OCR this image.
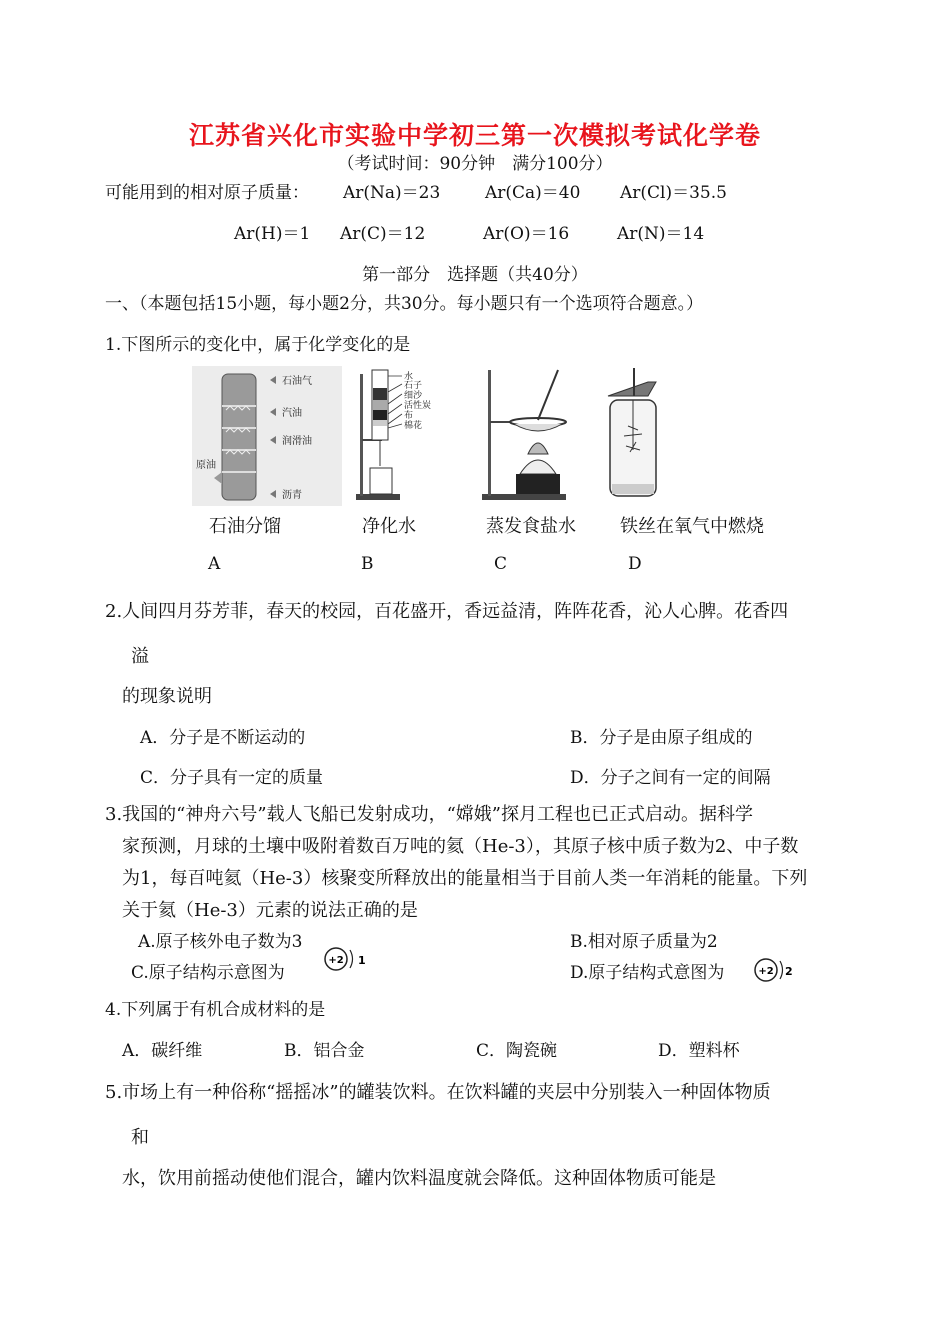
江苏省兴化市实验中学初三第一次模拟考试化学卷
（考试时间：90分钟　满分100分）
可能用到的相对原子质量： Ar(Na)＝23	Ar(Ca)＝40 Ar(Cl)＝35.5
Ar(H)＝1 Ar(C)＝12	Ar(O)＝16	Ar(N)＝14
第一部分　选择题（共40分）
一、（本题包括15小题，每小题2分，共30分。每小题只有一个选项符合题意。）
1.下图所示的变化中，属于化学变化的是
石油气
汽油
润滑油
沥青
原油
水
石子
细沙
活性炭
布
棉花
石油分馏	净化水	蒸发食盐水 铁丝在氧气中燃烧
A	B	C	D
2.人间四月芬芳菲，春天的校园，百花盛开，香远益清，阵阵花香，沁人心脾。花香四
溢
的现象说明
A．分子是不断运动的	B．分子是由原子组成的
C．分子具有一定的质量	D．分子之间有一定的间隔
3.我国的“神舟六号”载人飞船已发射成功，“嫦娥”探月工程也已正式启动。据科学
家预测，月球的土壤中吸附着数百万吨的氦（He-3），其原子核中质子数为2、中子数
为1，每百吨氦（He-3）核聚变所释放出的能量相当于目前人类一年消耗的能量。下列
关于氦（He-3）元素的说法正确的是
A.原子核外电子数为3	B.相对原子质量为2
C.原子结构示意图为	D.原子结构式意图为
+2 1
+2 2
4.下列属于有机合成材料的是
A．碳纤维	B．铝合金	C．陶瓷碗	D．塑料杯
5.市场上有一种俗称“摇摇冰”的罐装饮料。在饮料罐的夹层中分别装入一种固体物质
和
水，饮用前摇动使他们混合，罐内饮料温度就会降低。这种固体物质可能是
